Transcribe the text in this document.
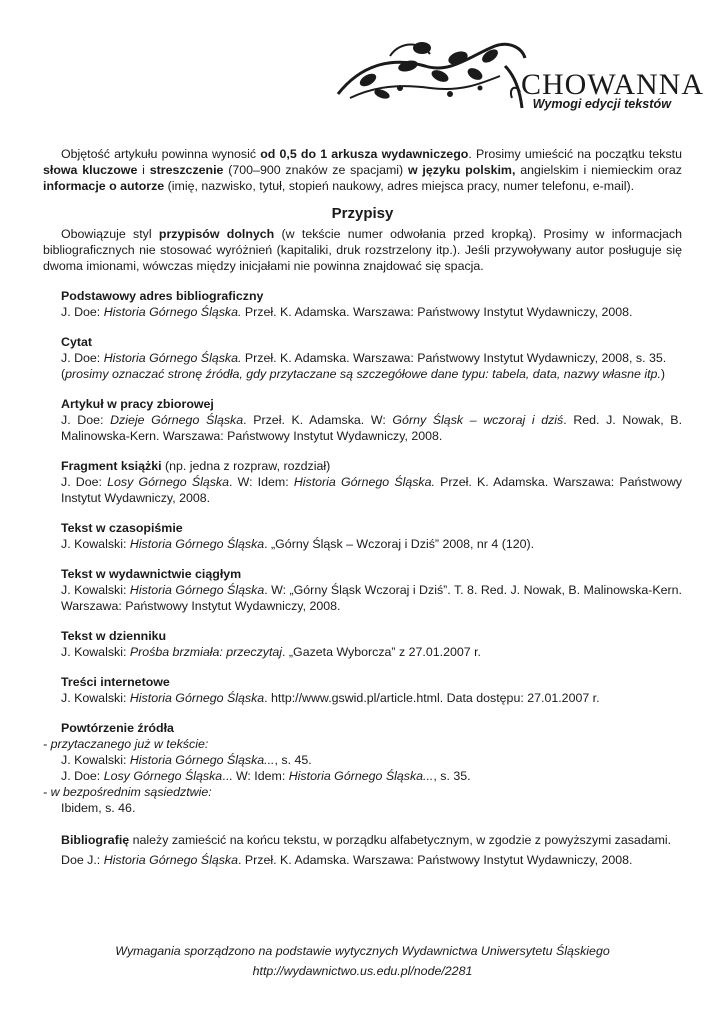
CHOWANNA
Wymogi edycji tekstów

Objętość artykułu powinna wynosić od 0,5 do 1 arkusza wydawniczego. Prosimy umieścić na początku tekstu słowa kluczowe i streszczenie (700–900 znaków ze spacjami) w języku polskim, angielskim i niemieckim oraz informacje o autorze (imię, nazwisko, tytuł, stopień naukowy, adres miejsca pracy, numer telefonu, e-mail).

Przypisy

Obowiązuje styl przypisów dolnych (w tekście numer odwołania przed kropką). Prosimy w informacjach bibliograficznych nie stosować wyróżnień (kapitaliki, druk rozstrzelony itp.). Jeśli przywoływany autor posługuje się dwoma imionami, wówczas między inicjałami nie powinna znajdować się spacja.

Podstawowy adres bibliograficzny
J. Doe: Historia Górnego Śląska. Przeł. K. Adamska. Warszawa: Państwowy Instytut Wydawniczy, 2008.
Cytat
J. Doe: Historia Górnego Śląska. Przeł. K. Adamska. Warszawa: Państwowy Instytut Wydawniczy, 2008, s. 35.
(prosimy oznaczać stronę źródła, gdy przytaczane są szczegółowe dane typu: tabela, data, nazwy własne itp.)
Artykuł w pracy zbiorowej
J. Doe: Dzieje Górnego Śląska. Przeł. K. Adamska. W: Górny Śląsk – wczoraj i dziś. Red. J. Nowak, B. Malinowska-Kern. Warszawa: Państwowy Instytut Wydawniczy, 2008.
Fragment książki (np. jedna z rozpraw, rozdział)
J. Doe: Losy Górnego Śląska. W: Idem: Historia Górnego Śląska. Przeł. K. Adamska. Warszawa: Państwowy Instytut Wydawniczy, 2008.
Tekst w czasopiśmie
J. Kowalski: Historia Górnego Śląska. „Górny Śląsk – Wczoraj i Dziś” 2008, nr 4 (120).
Tekst w wydawnictwie ciągłym
J. Kowalski: Historia Górnego Śląska. W: „Górny Śląsk Wczoraj i Dziś”. T. 8. Red. J. Nowak, B. Malinowska-Kern. Warszawa: Państwowy Instytut Wydawniczy, 2008.
Tekst w dzienniku
J. Kowalski: Prośba brzmiała: przeczytaj. „Gazeta Wyborcza” z 27.01.2007 r.
Treści internetowe
J. Kowalski: Historia Górnego Śląska. http://www.gswid.pl/article.html. Data dostępu: 27.01.2007 r.
Powtórzenie źródła
- przytaczanego już w tekście:
J. Kowalski: Historia Górnego Śląska..., s. 45.
J. Doe: Losy Górnego Śląska... W: Idem: Historia Górnego Śląska..., s. 35.
- w bezpośrednim sąsiedztwie:
Ibidem, s. 46.
Bibliografię należy zamieścić na końcu tekstu, w porządku alfabetycznym, w zgodzie z powyższymi zasadami.
Doe J.: Historia Górnego Śląska. Przeł. K. Adamska. Warszawa: Państwowy Instytut Wydawniczy, 2008.
Wymagania sporządzono na podstawie wytycznych Wydawnictwa Uniwersytetu Śląskiego
http://wydawnictwo.us.edu.pl/node/2281
